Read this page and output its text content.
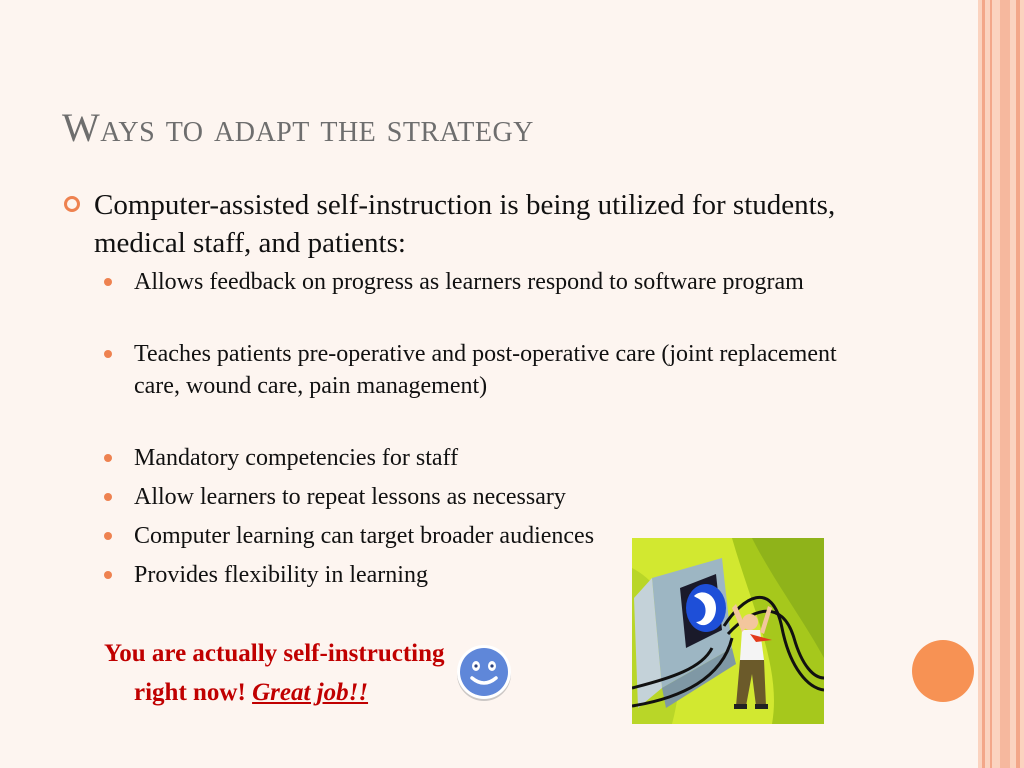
Ways to adapt the strategy
Computer-assisted self-instruction is being utilized for students, medical staff, and patients:
Allows feedback on progress as learners respond to software program
Teaches patients pre-operative and post-operative care (joint replacement care, wound care, pain management)
Mandatory competencies for staff
Allow learners to repeat lessons as necessary
Computer learning can target broader audiences
Provides flexibility in learning
You are actually self-instructing
right now! Great job!!
